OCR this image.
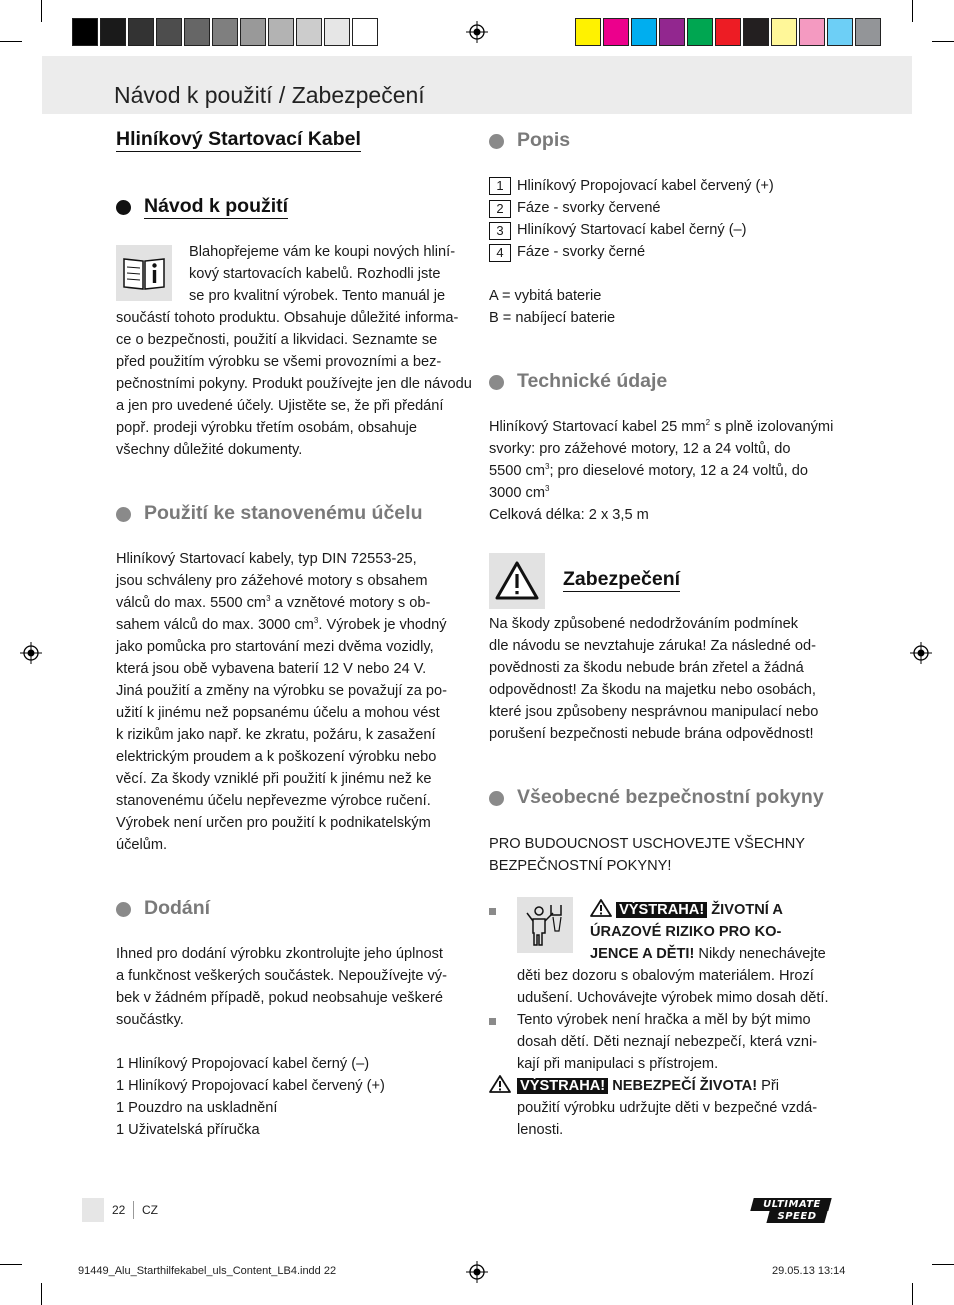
Návod k použití / Zabezpečení
Hliníkový Startovací Kabel
Návod k použití
Blahopřejeme vám ke koupi nových hliní-
kový startovacích kabelů. Rozhodli jste
se pro kvalitní výrobek. Tento manuál je
součástí tohoto produktu. Obsahuje důležité informa-
ce o bezpečnosti, použití a likvidaci. Seznamte se
před použitím výrobku se všemi provozními a bez-
pečnostními pokyny. Produkt používejte jen dle návodu
a jen pro uvedené účely. Ujistěte se, že při předání
popř. prodeji výrobku třetím osobám, obsahuje
všechny důležité dokumenty.
Použití ke stanovenému účelu
Hliníkový Startovací kabely, typ DIN 72553-25,
jsou schváleny pro zážehové motory s obsahem
válců do max. 5500 $cm^3$ a vznětové motory s ob-
sahem válců do max. 3000 $cm^3$. Výrobek je vhodný
jako pomůcka pro startování mezi dvěma vozidly,
která jsou obě vybavena baterií 12 V nebo 24 V.
Jiná použití a změny na výrobku se považují za po-
užití k jinému než popsanému účelu a mohou vést
k rizikům jako např. ke zkratu, požáru, k zasažení
elektrickým proudem a k poškození výrobku nebo
věcí. Za škody vzniklé při použití k jinému než ke
stanovenému účelu nepřevezme výrobce ručení.
Výrobek není určen pro použití k podnikatelským
účelům.
Dodání
Ihned pro dodání výrobku zkontrolujte jeho úplnost
a funkčnost veškerých součástek. Nepoužívejte vý-
bek v žádném případě, pokud neobsahuje veškeré
součástky.
1 Hliníkový Propojovací kabel černý (–)
1 Hliníkový Propojovací kabel červený (+)
1 Pouzdro na uskladnění
1 Uživatelská příručka
Popis
1 Hliníkový Propojovací kabel červený (+)
2 Fáze - svorky červené
3 Hliníkový Startovací kabel černý (–)
4 Fáze - svorky černé
A = vybitá baterie
B = nabíjecí baterie
Technické údaje
Hliníkový Startovací kabel 25 $mm^2$ s plně izolovanými
svorky: pro zážehové motory, 12 a 24 voltů, do
5500 $cm^3$; pro dieselové motory, 12 a 24 voltů, do
3000 $cm^3$
Celková délka: 2 x 3,5 m
Zabezpečení
Na škody způsobené nedodržováním podmínek
dle návodu se nevztahuje záruka! Za následné od-
povědnosti za škodu nebude brán zřetel a žádná
odpovědnost! Za škodu na majetku nebo osobách,
které jsou způsobeny nesprávnou manipulací nebo
porušení bezpečnosti nebude brána odpovědnost!
Všeobecné bezpečnostní pokyny
PRO BUDOUCNOST USCHOVEJTE VŠECHNY
BEZPEČNOSTNÍ POKYNY!
VÝSTRAHA! ŽIVOTNÍ A
ÚRAZOVÉ RIZIKO PRO KO-
JENCE A DĚTI! Nikdy nenechávejte
děti bez dozoru s obalovým materiálem. Hrozí
udušení. Uchovávejte výrobek mimo dosah dětí.
Tento výrobek není hračka a měl by být mimo
dosah dětí. Děti neznají nebezpečí, která vzni-
kají při manipulaci s přístrojem.
VÝSTRAHA! NEBEZPEČÍ ŽIVOTA! Při
použití výrobku udržujte děti v bezpečné vzdá-
lenosti.
22 CZ	ULTIMATE
SPEED
91449_Alu_Starthilfekabel_uls_Content_LB4.indd 22	29.05.13 13:14
